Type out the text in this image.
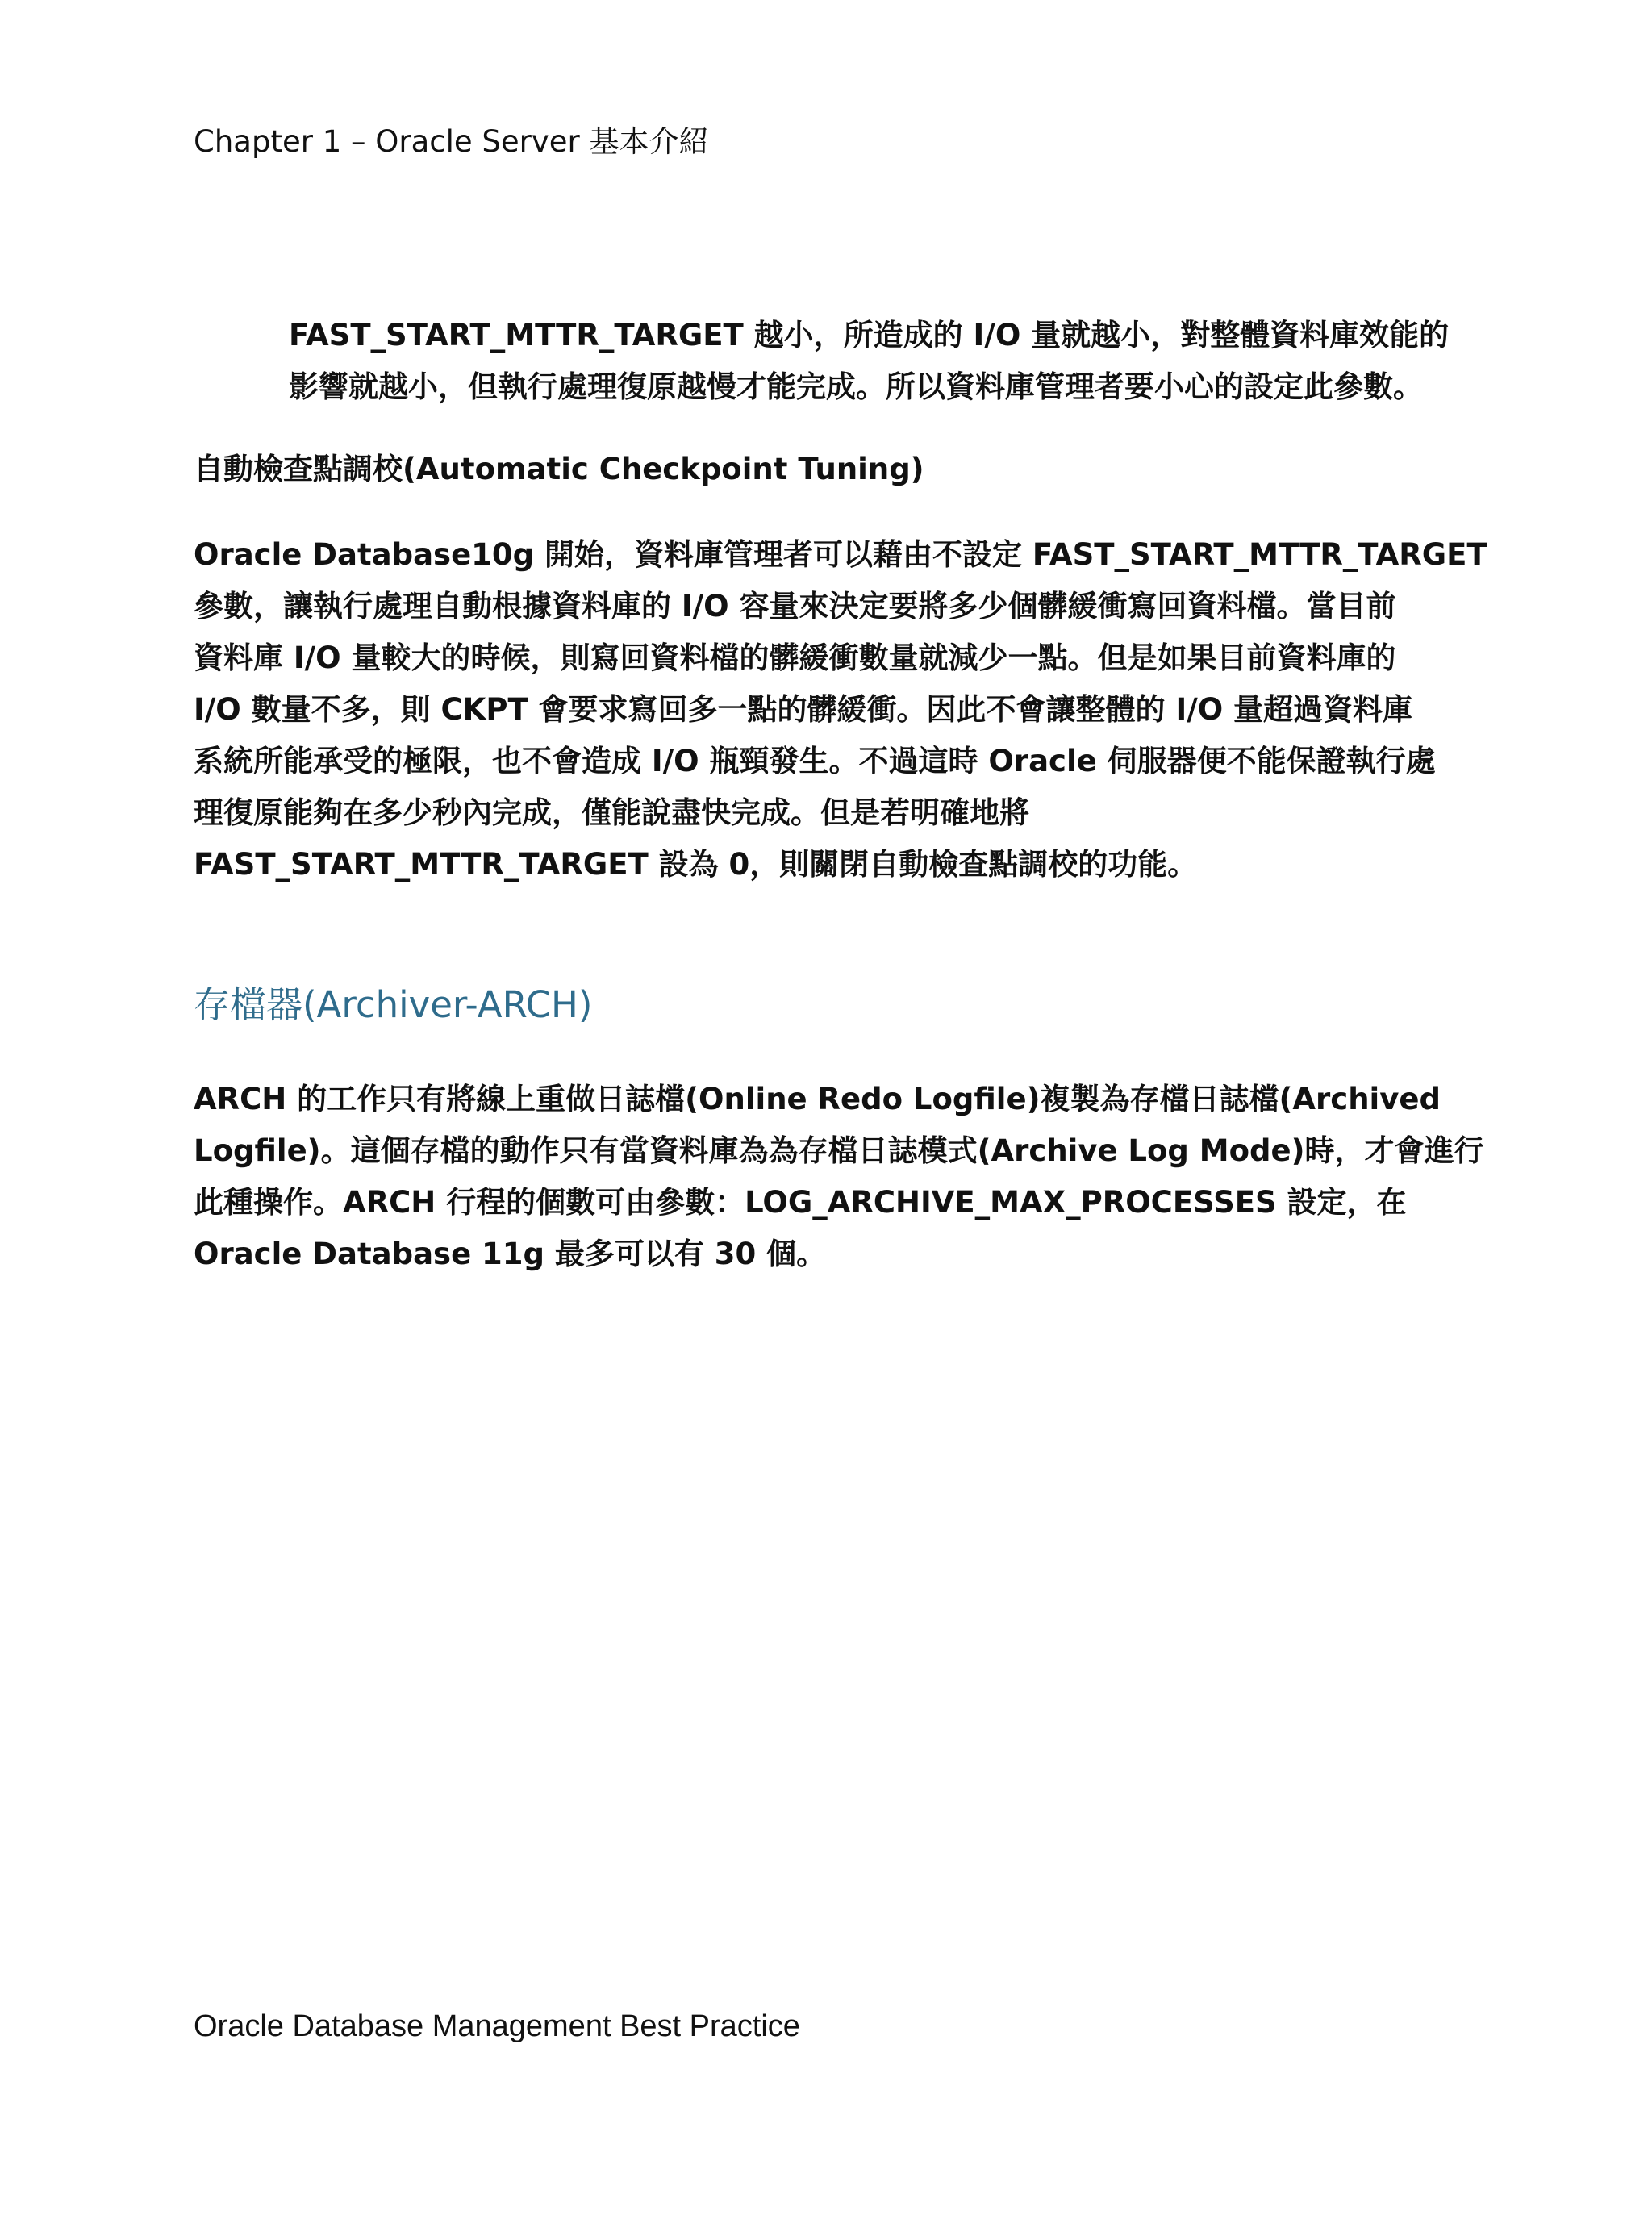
Chapter 1 – Oracle Server 基本介紹
FAST_START_MTTR_TARGET 越小，所造成的 I/O 量就越小，對整體資料庫效能的
影響就越小，但執行處理復原越慢才能完成。所以資料庫管理者要小心的設定此參數。
自動檢查點調校(Automatic Checkpoint Tuning)
Oracle Database10g 開始，資料庫管理者可以藉由不設定 FAST_START_MTTR_TARGET
參數，讓執行處理自動根據資料庫的 I/O 容量來決定要將多少個髒緩衝寫回資料檔。當目前
資料庫 I/O 量較大的時候，則寫回資料檔的髒緩衝數量就減少一點。但是如果目前資料庫的
I/O 數量不多，則 CKPT 會要求寫回多一點的髒緩衝。因此不會讓整體的 I/O 量超過資料庫
系統所能承受的極限，也不會造成 I/O 瓶頸發生。不過這時 Oracle 伺服器便不能保證執行處
理復原能夠在多少秒內完成，僅能說盡快完成。但是若明確地將
FAST_START_MTTR_TARGET 設為 0，則關閉自動檢查點調校的功能。
存檔器(Archiver-ARCH)
ARCH 的工作只有將線上重做日誌檔(Online Redo Logfile)複製為存檔日誌檔(Archived
Logfile)。這個存檔的動作只有當資料庫為為存檔日誌模式(Archive Log Mode)時，才會進行
此種操作。ARCH 行程的個數可由參數：LOG_ARCHIVE_MAX_PROCESSES 設定，在
Oracle Database 11g 最多可以有 30 個。
Oracle Database Management Best Practice
